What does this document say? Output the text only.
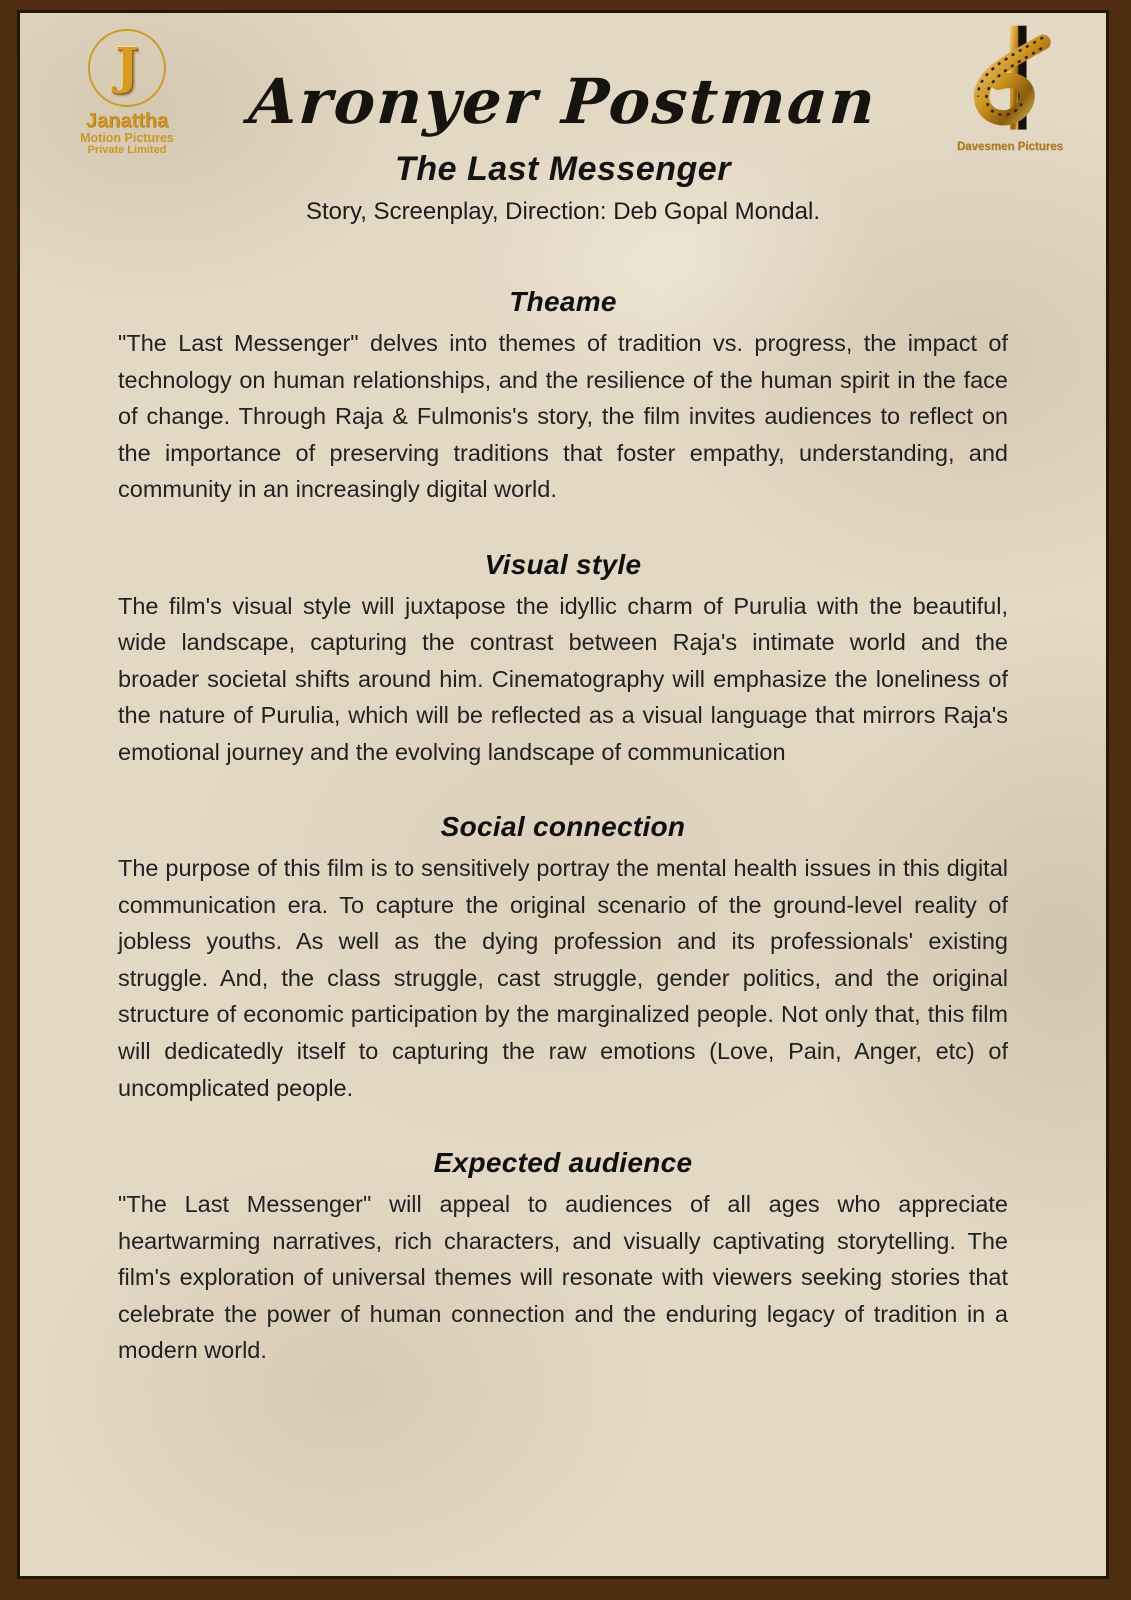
J
Janattha
Motion Pictures
Private Limited
Aronyer Postman
The Last Messenger
Story, Screenplay, Direction: Deb Gopal Mondal.
Davesmen Pictures
Theame

"The Last Messenger" delves into themes of tradition vs. progress, the impact of technology on human relationships, and the resilience of the human spirit in the face of change. Through Raja & Fulmonis's story, the film invites audiences to reflect on the importance of preserving traditions that foster empathy, understanding, and community in an increasingly digital world.

Visual style

The film's visual style will juxtapose the idyllic charm of Purulia with the beautiful, wide landscape, capturing the contrast between Raja's intimate world and the broader societal shifts around him. Cinematography will emphasize the loneliness of the nature of Purulia, which will be reflected as a visual language that mirrors Raja's emotional journey and the evolving landscape of communication

Social connection

The purpose of this film is to sensitively portray the mental health issues in this digital communication era. To capture the original scenario of the ground-level reality of jobless youths. As well as the dying profession and its professionals' existing struggle. And, the class struggle, cast struggle, gender politics, and the original structure of economic participation by the marginalized people. Not only that, this film will dedicatedly itself to capturing the raw emotions (Love, Pain, Anger, etc) of uncomplicated people.

Expected audience

"The Last Messenger" will appeal to audiences of all ages who appreciate heartwarming narratives, rich characters, and visually captivating storytelling. The film's exploration of universal themes will resonate with viewers seeking stories that celebrate the power of human connection and the enduring legacy of tradition in a modern world.
